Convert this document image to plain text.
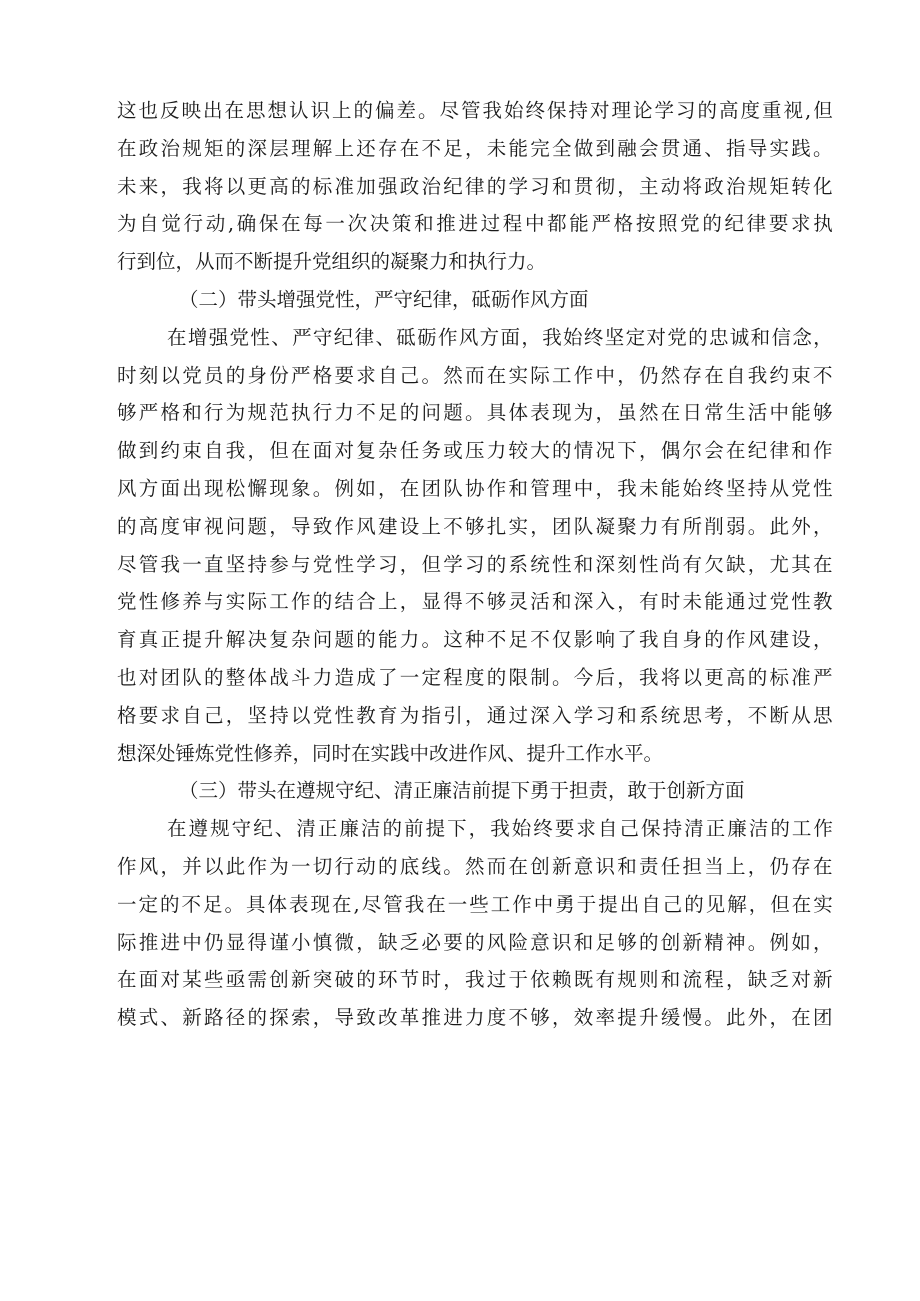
这 也 反 映 出 在 思 想 认 识 上 的 偏 差 。 尽 管 我 始 终 保 持 对 理 论 学 习 的 高 度 重 视 , 但
在 政 治 规 矩 的 深 层 理 解 上 还 存 在 不 足 ， 未 能 完 全 做 到 融 会 贯 通 、 指 导 实 践 。
未 来 ， 我 将 以 更 高 的 标 准 加 强 政 治 纪 律 的 学 习 和 贯 彻 ， 主 动 将 政 治 规 矩 转 化
为 自 觉 行 动 , 确 保 在 每 一 次 决 策 和 推 进 过 程 中 都 能 严 格 按 照 党 的 纪 律 要 求 执
行到位，从而不断提升党组织的凝聚力和执行力。
（二）带头增强党性，严守纪律，砥砺作风方面
在 增 强 党 性 、 严 守 纪 律 、 砥 砺 作 风 方 面 ， 我 始 终 坚 定 对 党 的 忠 诚 和 信 念 ，
时 刻 以 党 员 的 身 份 严 格 要 求 自 己 。 然 而 在 实 际 工 作 中 ， 仍 然 存 在 自 我 约 束 不
够 严 格 和 行 为 规 范 执 行 力 不 足 的 问 题 。 具 体 表 现 为 ， 虽 然 在 日 常 生 活 中 能 够
做 到 约 束 自 我 ， 但 在 面 对 复 杂 任 务 或 压 力 较 大 的 情 况 下 ， 偶 尔 会 在 纪 律 和 作
风 方 面 出 现 松 懈 现 象 。 例 如 ， 在 团 队 协 作 和 管 理 中 ， 我 未 能 始 终 坚 持 从 党 性
的 高 度 审 视 问 题 ， 导 致 作 风 建 设 上 不 够 扎 实 ， 团 队 凝 聚 力 有 所 削 弱 。 此 外 ，
尽 管 我 一 直 坚 持 参 与 党 性 学 习 ， 但 学 习 的 系 统 性 和 深 刻 性 尚 有 欠 缺 ， 尤 其 在
党 性 修 养 与 实 际 工 作 的 结 合 上 ， 显 得 不 够 灵 活 和 深 入 ， 有 时 未 能 通 过 党 性 教
育 真 正 提 升 解 决 复 杂 问 题 的 能 力 。 这 种 不 足 不 仅 影 响 了 我 自 身 的 作 风 建 设 ，
也 对 团 队 的 整 体 战 斗 力 造 成 了 一 定 程 度 的 限 制 。 今 后 ， 我 将 以 更 高 的 标 准 严
格 要 求 自 己 ， 坚 持 以 党 性 教 育 为 指 引 ， 通 过 深 入 学 习 和 系 统 思 考 ， 不 断 从 思
想深处锤炼党性修养，同时在实践中改进作风、提升工作水平。
（三）带头在遵规守纪、清正廉洁前提下勇于担责，敢于创新方面
在 遵 规 守 纪 、 清 正 廉 洁 的 前 提 下 ， 我 始 终 要 求 自 己 保 持 清 正 廉 洁 的 工 作
作 风 ， 并 以 此 作 为 一 切 行 动 的 底 线 。 然 而 在 创 新 意 识 和 责 任 担 当 上 ， 仍 存 在
一 定 的 不 足 。 具 体 表 现 在 , 尽 管 我 在 一 些 工 作 中 勇 于 提 出 自 己 的 见 解 ， 但 在 实
际 推 进 中 仍 显 得 谨 小 慎 微 ， 缺 乏 必 要 的 风 险 意 识 和 足 够 的 创 新 精 神 。 例 如 ，
在 面 对 某 些 亟 需 创 新 突 破 的 环 节 时 ， 我 过 于 依 赖 既 有 规 则 和 流 程 ， 缺 乏 对 新
模 式 、 新 路 径 的 探 索 ， 导 致 改 革 推 进 力 度 不 够 ， 效 率 提 升 缓 慢 。 此 外 ， 在 团
